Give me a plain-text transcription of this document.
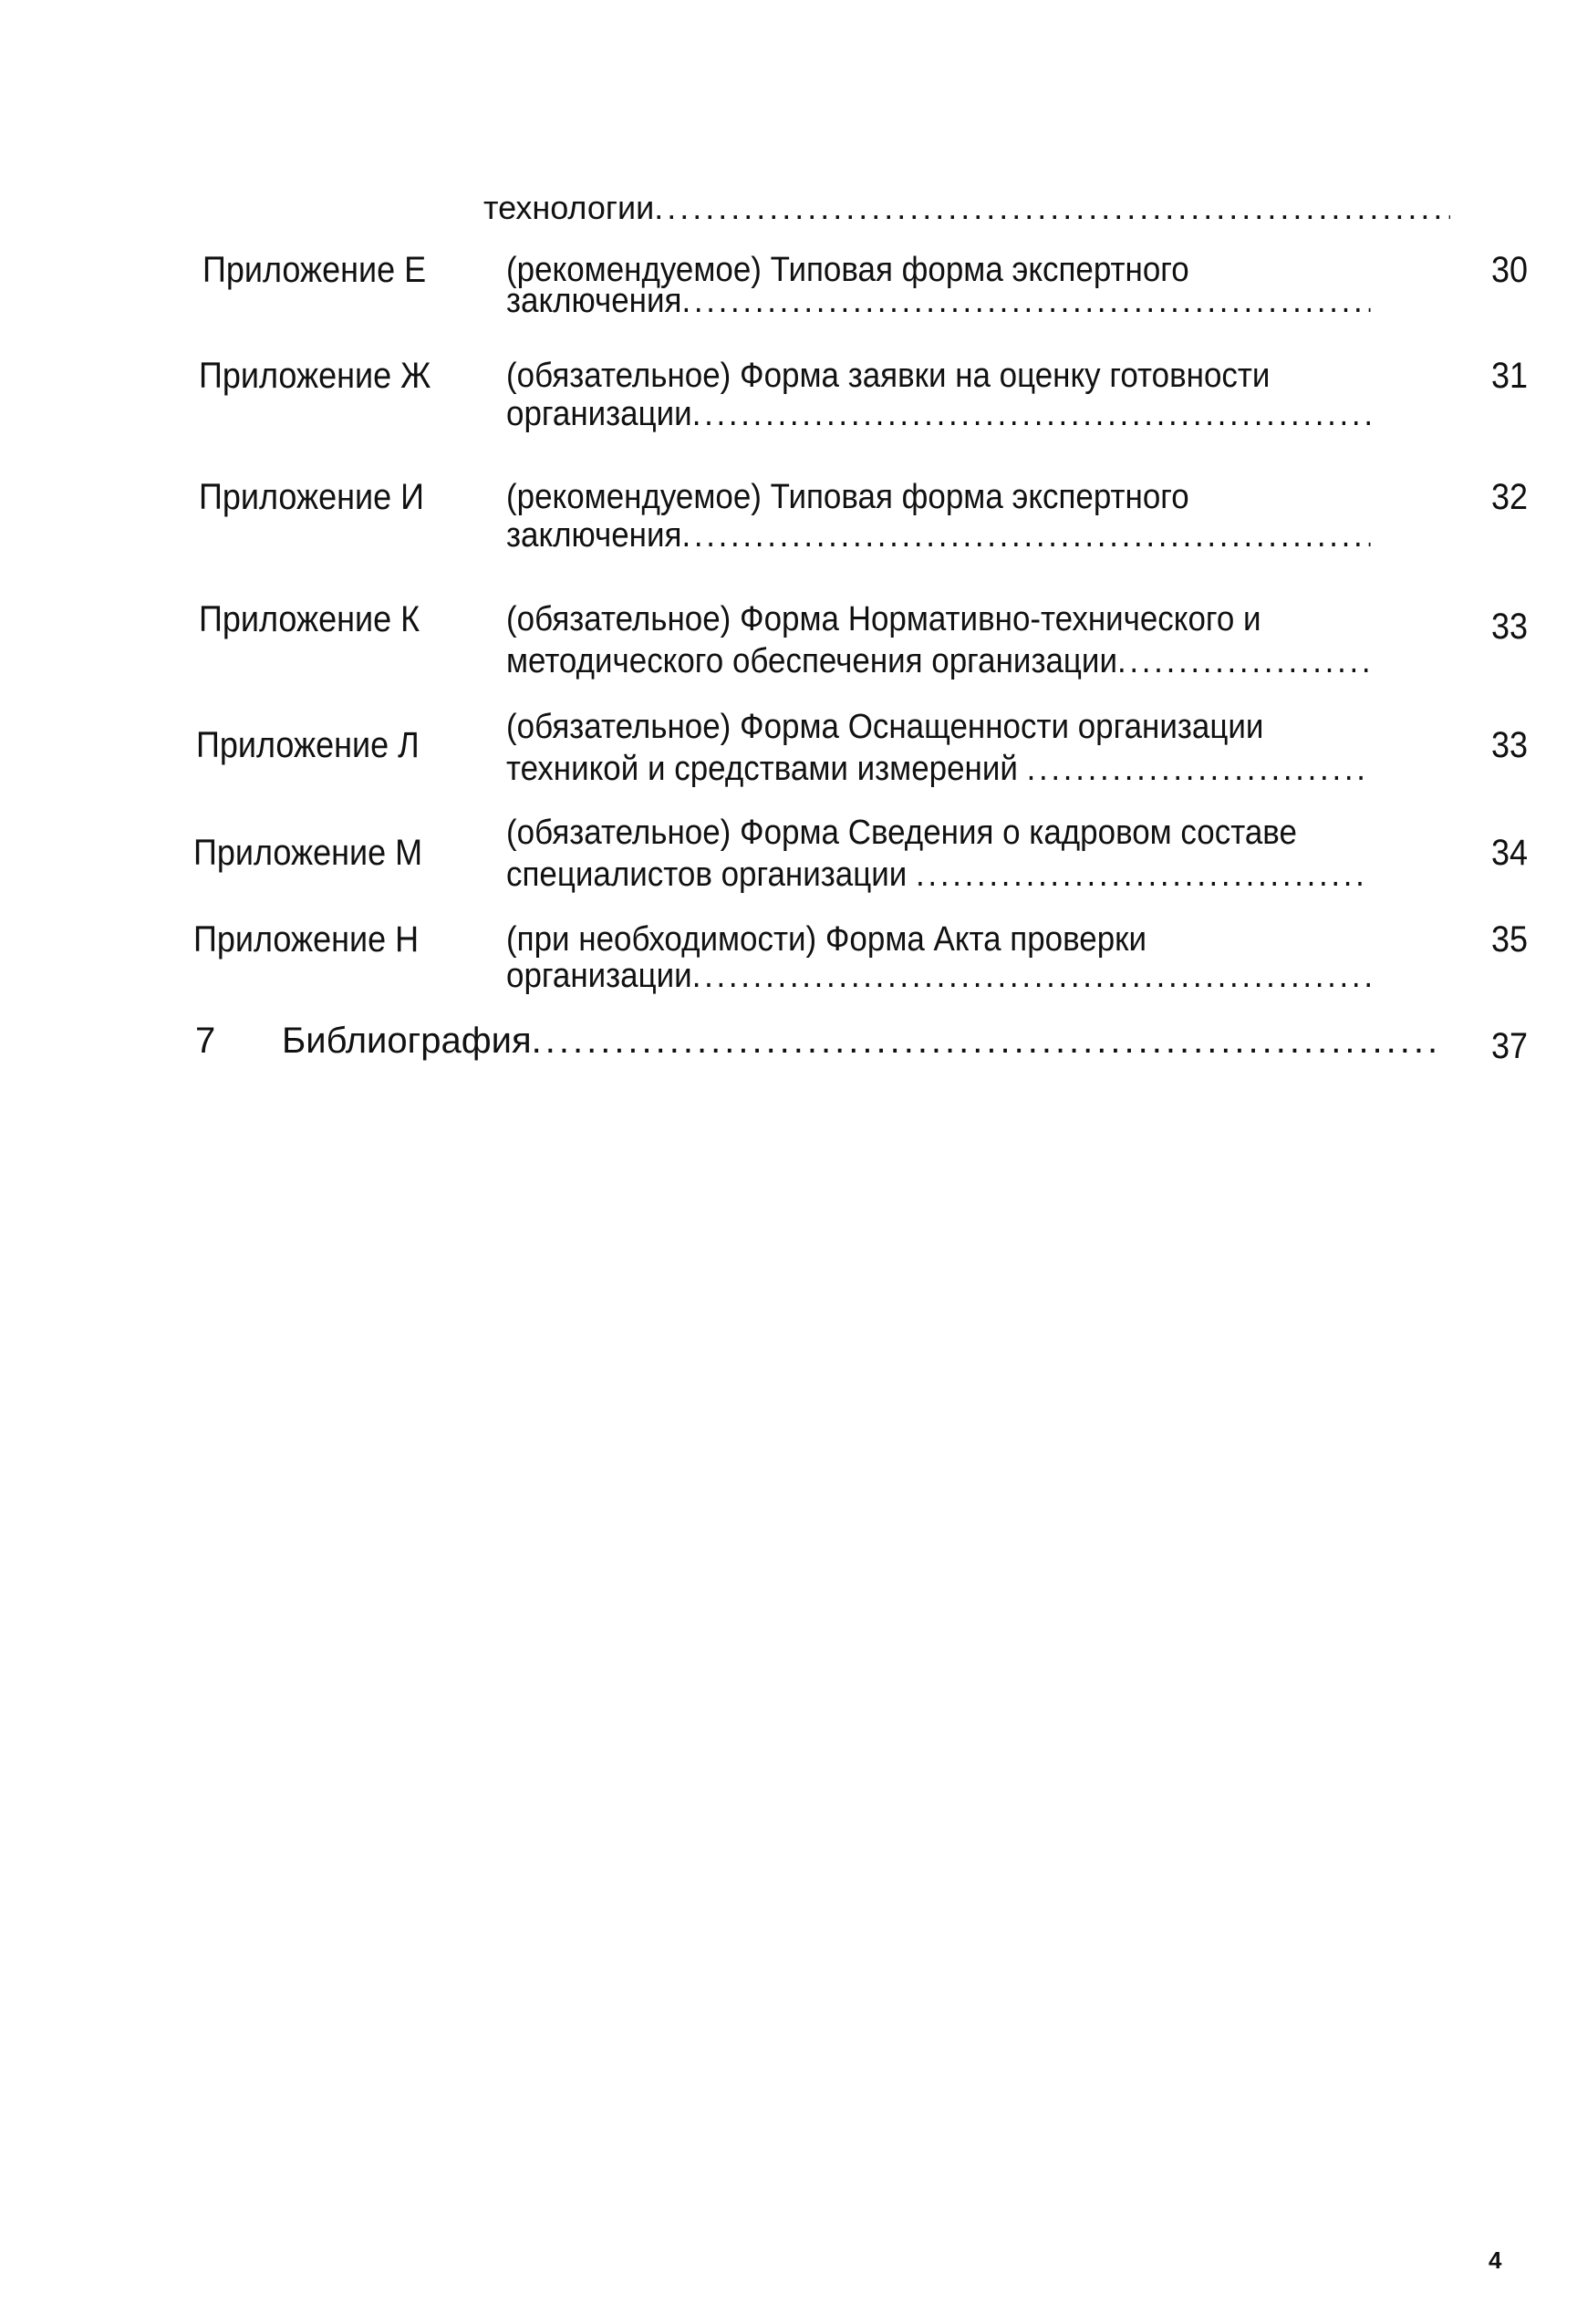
технологии
.....
Приложение Е (рекомендуемое) Типовая форма экспертного
заключения
.....
30
Приложение Ж (обязательное) Форма заявки на оценку готовности
организации
.....
31
Приложение И (рекомендуемое) Типовая форма экспертного
заключения
.....
32
Приложение К (обязательное) Форма Нормативно-технического и
методического обеспечения организации
.....
33
Приложение Л	(обязательное) Форма Оснащенности организации
техникой и средствами измерений

.....
33
Приложение М (обязательное) Форма Сведения о кадровом составе
специалистов организации

.....
34
Приложение Н	(при необходимости) Форма Акта проверки
организации
.....
35
7	Библиография
.....	37
4
